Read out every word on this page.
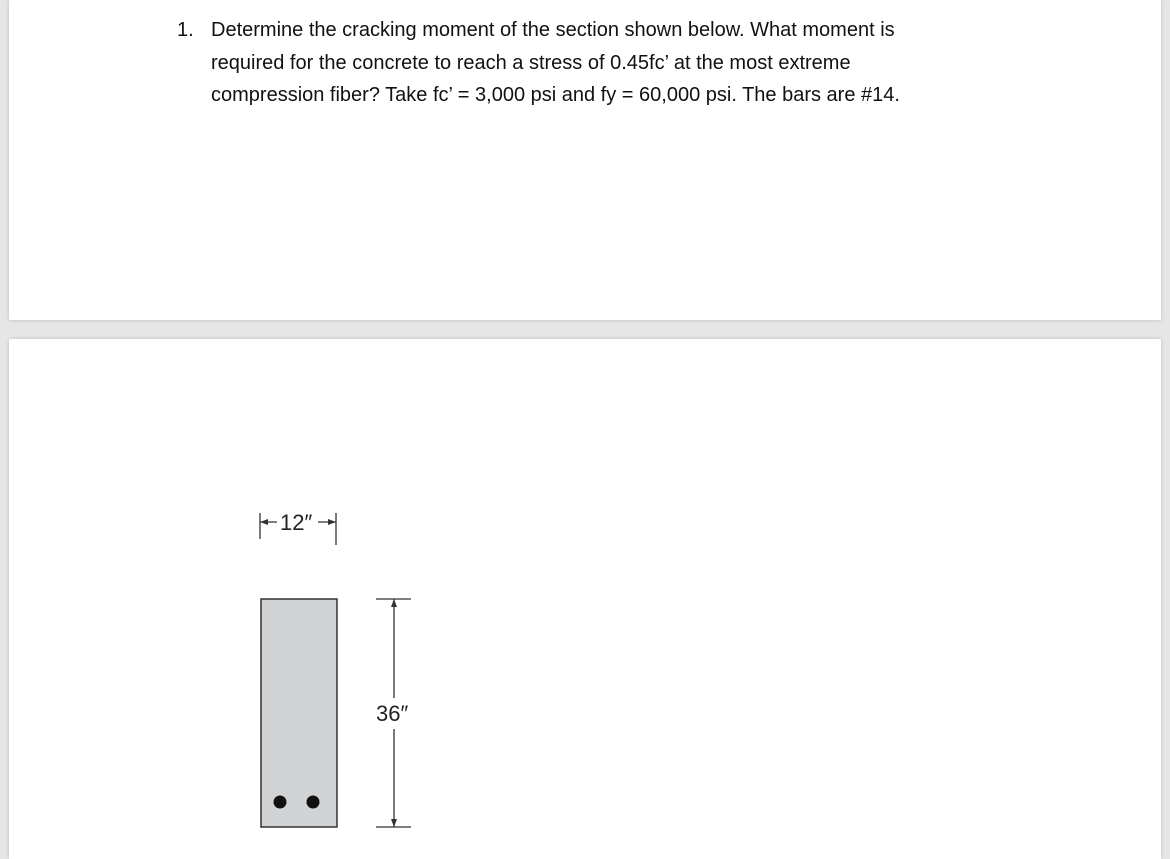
1. Determine the cracking moment of the section shown below. What moment is
required for the concrete to reach a stress of 0.45fc’ at the most extreme
compression fiber? Take fc’ = 3,000 psi and fy = 60,000 psi. The bars are #14.
12″
36″
